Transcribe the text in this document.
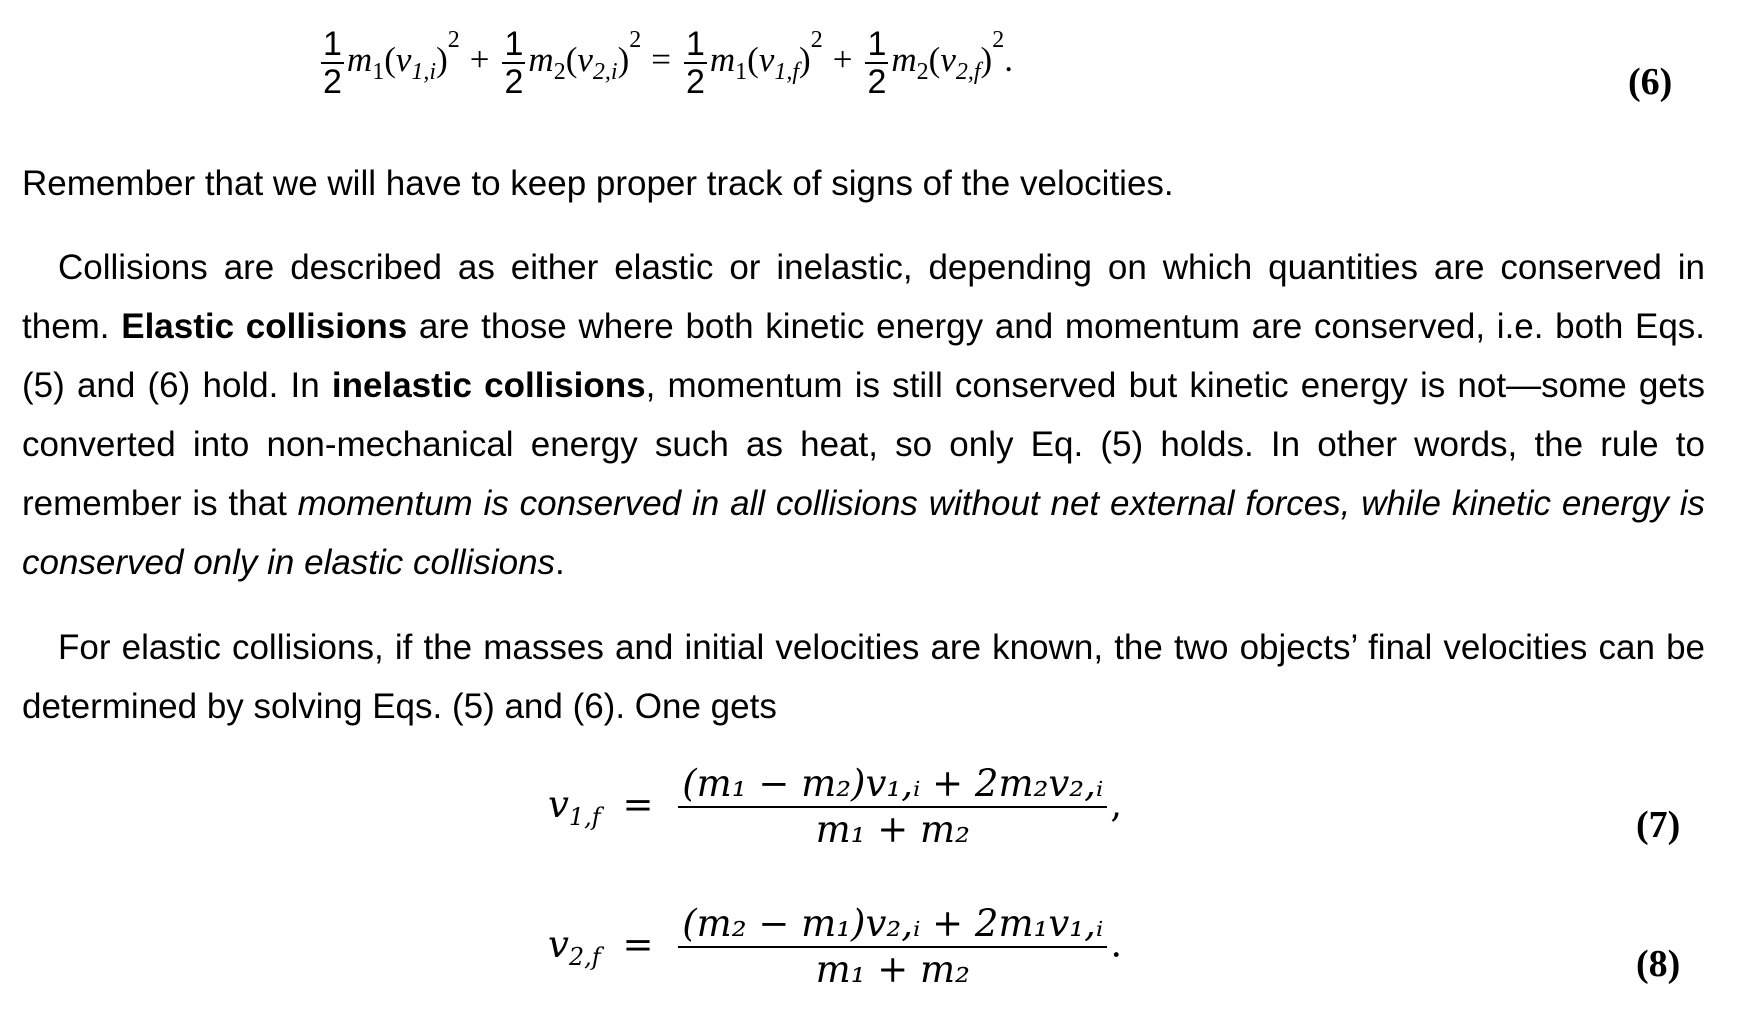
$\frac{1}{2} m_1(v_{1,i})^2 + \frac{1}{2} m_2(v_{2,i})^2 = \frac{1}{2} m_1(v_{1,f})^2 + \frac{1}{2} m_2(v_{2,f})^2$.
(6)
Remember that we will have to keep proper track of signs of the velocities.
Collisions are described as either elastic or inelastic, depending on which quantities are conserved in them. Elastic collisions are those where both kinetic energy and momentum are conserved, i.e. both Eqs. (5) and (6) hold. In inelastic collisions, momentum is still conserved but kinetic energy is not—some gets converted into non-mechanical energy such as heat, so only Eq. (5) holds. In other words, the rule to remember is that momentum is conserved in all collisions without net external forces, while kinetic energy is conserved only in elastic collisions.
For elastic collisions, if the masses and initial velocities are known, the two objects’ final velocities can be determined by solving Eqs. (5) and (6). One gets
$v_{1,f} = \frac{\text{(m₁ − m₂)v₁,ᵢ + 2m₂v₂,ᵢ}}{\text{m₁ + m₂}}$ ,	(7)
$v_{2,f} = \frac{\text{(m₂ − m₁)v₂,ᵢ + 2m₁v₁,ᵢ}}{\text{m₁ + m₂}}$ .	(8)
